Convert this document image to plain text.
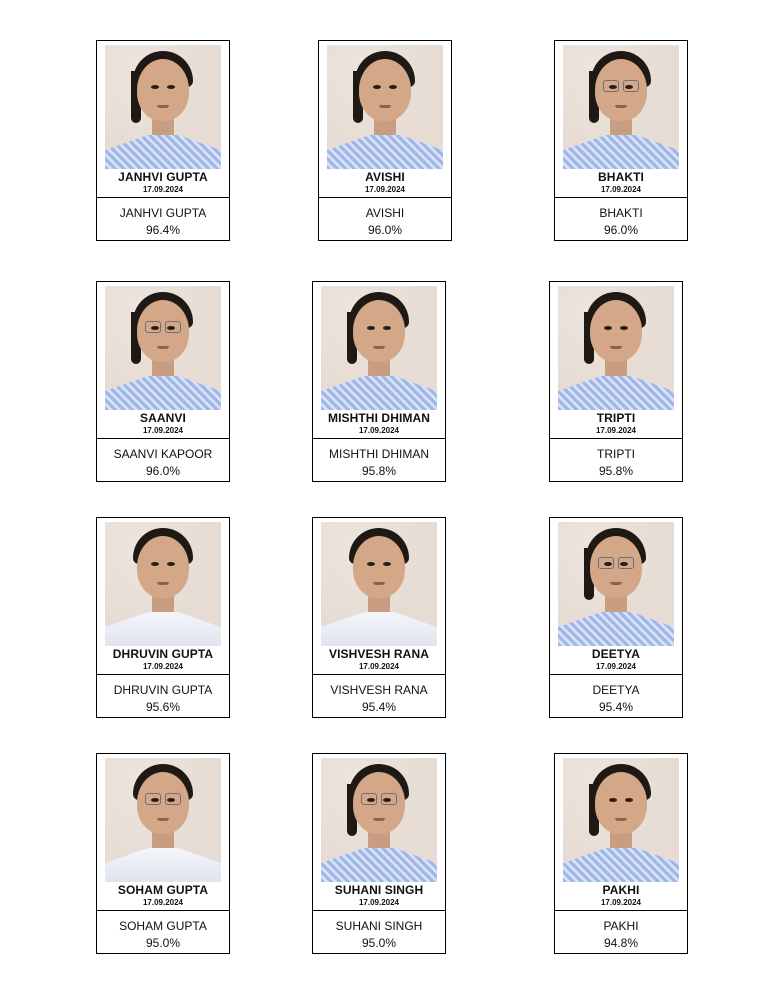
JANHVI GUPTA
17.09.2024
JANHVI GUPTA
96.4%
AVISHI
17.09.2024
AVISHI
96.0%
BHAKTI
17.09.2024
BHAKTI
96.0%
SAANVI
17.09.2024
SAANVI KAPOOR
96.0%
MISHTHI DHIMAN
17.09.2024
MISHTHI DHIMAN
95.8%
TRIPTI
17.09.2024
TRIPTI
95.8%
DHRUVIN GUPTA
17.09.2024
DHRUVIN GUPTA
95.6%
VISHVESH RANA
17.09.2024
VISHVESH RANA
95.4%
DEETYA
17.09.2024
DEETYA
95.4%
SOHAM GUPTA
17.09.2024
SOHAM GUPTA
95.0%
SUHANI SINGH
17.09.2024
SUHANI SINGH
95.0%
PAKHI
17.09.2024
PAKHI
94.8%
